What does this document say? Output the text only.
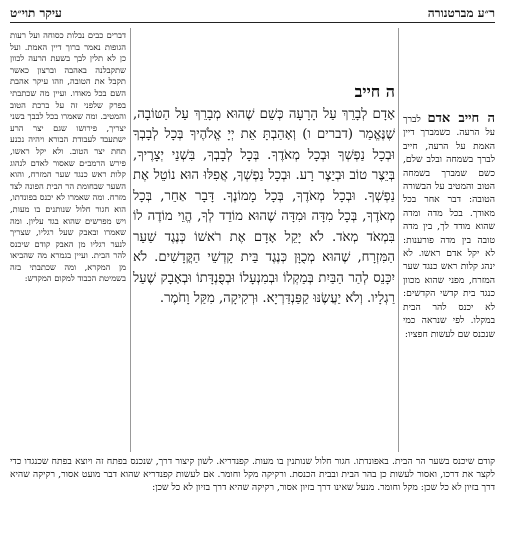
ר״ע מברטנורה
עיקר תוי״ט
ה חייב אדם לברך על הרעה. כשמברך דיין האמת על הרעה, חייב לברך בשמחה ובלב שלם, כשם שמברך בשמחה הטוב והמטיב על הבשורה הטובה: דבר אחר בכל מאודך. בכל מדה ומדה שהוא מודד לך, בין מדה טובה בין מדה פורענות: לא יקל אדם ראשו. לא ינהג קלות ראש כנגד שער המזרח, מפני שהוא מכוון כנגד בית קדשי הקדשים: לא יכנס להר הבית במקלו. לפי שנראה כמי שנכנס שם לעשות חפציו:
ה חייב
אָדָם לְבָרֵךְ עַל הָרָעָה כְּשֵׁם שֶׁהוּא מְבָרֵךְ עַל הַטּוֹבָה, שֶׁנֶּאֱמַר (דברים ו) וְאָהַבְתָּ אֵת יְיָ אֱלֹהֶיךָ בְּכָל לְבָבְךָ וּבְכָל נַפְשְׁךָ וּבְכָל מְאֹדֶךָ. בְּכָל לְבָבְךָ, בִּשְׁנֵי יְצָרֶיךָ, בְּיֵצֶר טוֹב וּבְיֵצֶר רָע. וּבְכָל נַפְשְׁךָ, אֲפִלּוּ הוּא נוֹטֵל אֶת נַפְשְׁךָ. וּבְכָל מְאֹדֶךָ, בְּכָל מָמוֹנֶךָ. דָּבָר אַחֵר, בְּכָל מְאֹדֶךָ, בְּכָל מִדָּה וּמִדָּה שֶׁהוּא מוֹדֵד לְךָ, הֱוֵי מוֹדֶה לוֹ בִּמְאֹד מְאֹד. לֹא יָקֵל אָדָם אֶת רֹאשׁוֹ כְּנֶגֶד שַׁעַר הַמִּזְרָח, שֶׁהוּא מְכֻוָּן כְּנֶגֶד בֵּית קָדְשֵׁי הַקֳּדָשִׁים. לֹא יִכָּנֵס לְהַר הַבַּיִת בְּמַקְלוֹ וּבְמִנְעָלוֹ וּבְפֻנְדָּתוֹ וּבְאָבָק שֶׁעַל רַגְלָיו. וְלֹא יַעֲשֶׂנּוּ קַפַּנְדַּרְיָא. וּרְקִיקָה, מִקַּל וָחֹמֶר.
דברים כבים נבלות כסוחה ועל רעות הגופות נאמר ברוך דיין האמת. ועל כן לא תלין לבך בשעת הרעה לכוון שתקבלנה באהבה וברצון כאשר תקבל את הטובה, וזהו עיקר אהבת השם בכל מאודו. ועיין מה שכתבתי בפרק שלפני זה על ברכת הטוב והמטיב. ומה שאמרו בכל לבבך בשני יצריך, פירושו שגם יצר הרע ישתעבד לעבודת הבורא ויהיה נכנע תחת יצר הטוב. ולא יקל ראשו, פירש הרמב״ם שאסור לאדם לנהוג קלות ראש כנגד שער המזרח, והוא השער שבחומת הר הבית הפונה לצד מזרח. ומה שאמרו לא יכנס בפונדתו, הוא חגור חלול שנותנים בו מעות, ויש מפרשים שהוא בגד עליון. ומה שאמרו ובאבק שעל רגליו, שצריך לנער רגליו מן האבק קודם שיכנס להר הבית. ועיין בגמרא מה שהביאו מן המקרא, ומה שכתבתי בזה בשמיטת הכבוד למקום המקדש:
קודם שיכנס בשער הר הבית. באפונדתו. חגור חלול שנותנין בו מעות. קפנדריא. לשון קיצור דרך, שנכנס בפתח זה ויוצא בפתח שכנגדו כדי לקצר את דרכו, ואסור לעשות כן בהר הבית ובבית הכנסת. ורקיקה מקל וחומר. אם לעשות קפנדריא שהוא דבר מועט אסור, רקיקה שהיא דרך בזיון לא כל שכן: מקל וחומר. מנעל שאינו דרך בזיון אסור, רקיקה שהיא דרך בזיון לא כל שכן:
